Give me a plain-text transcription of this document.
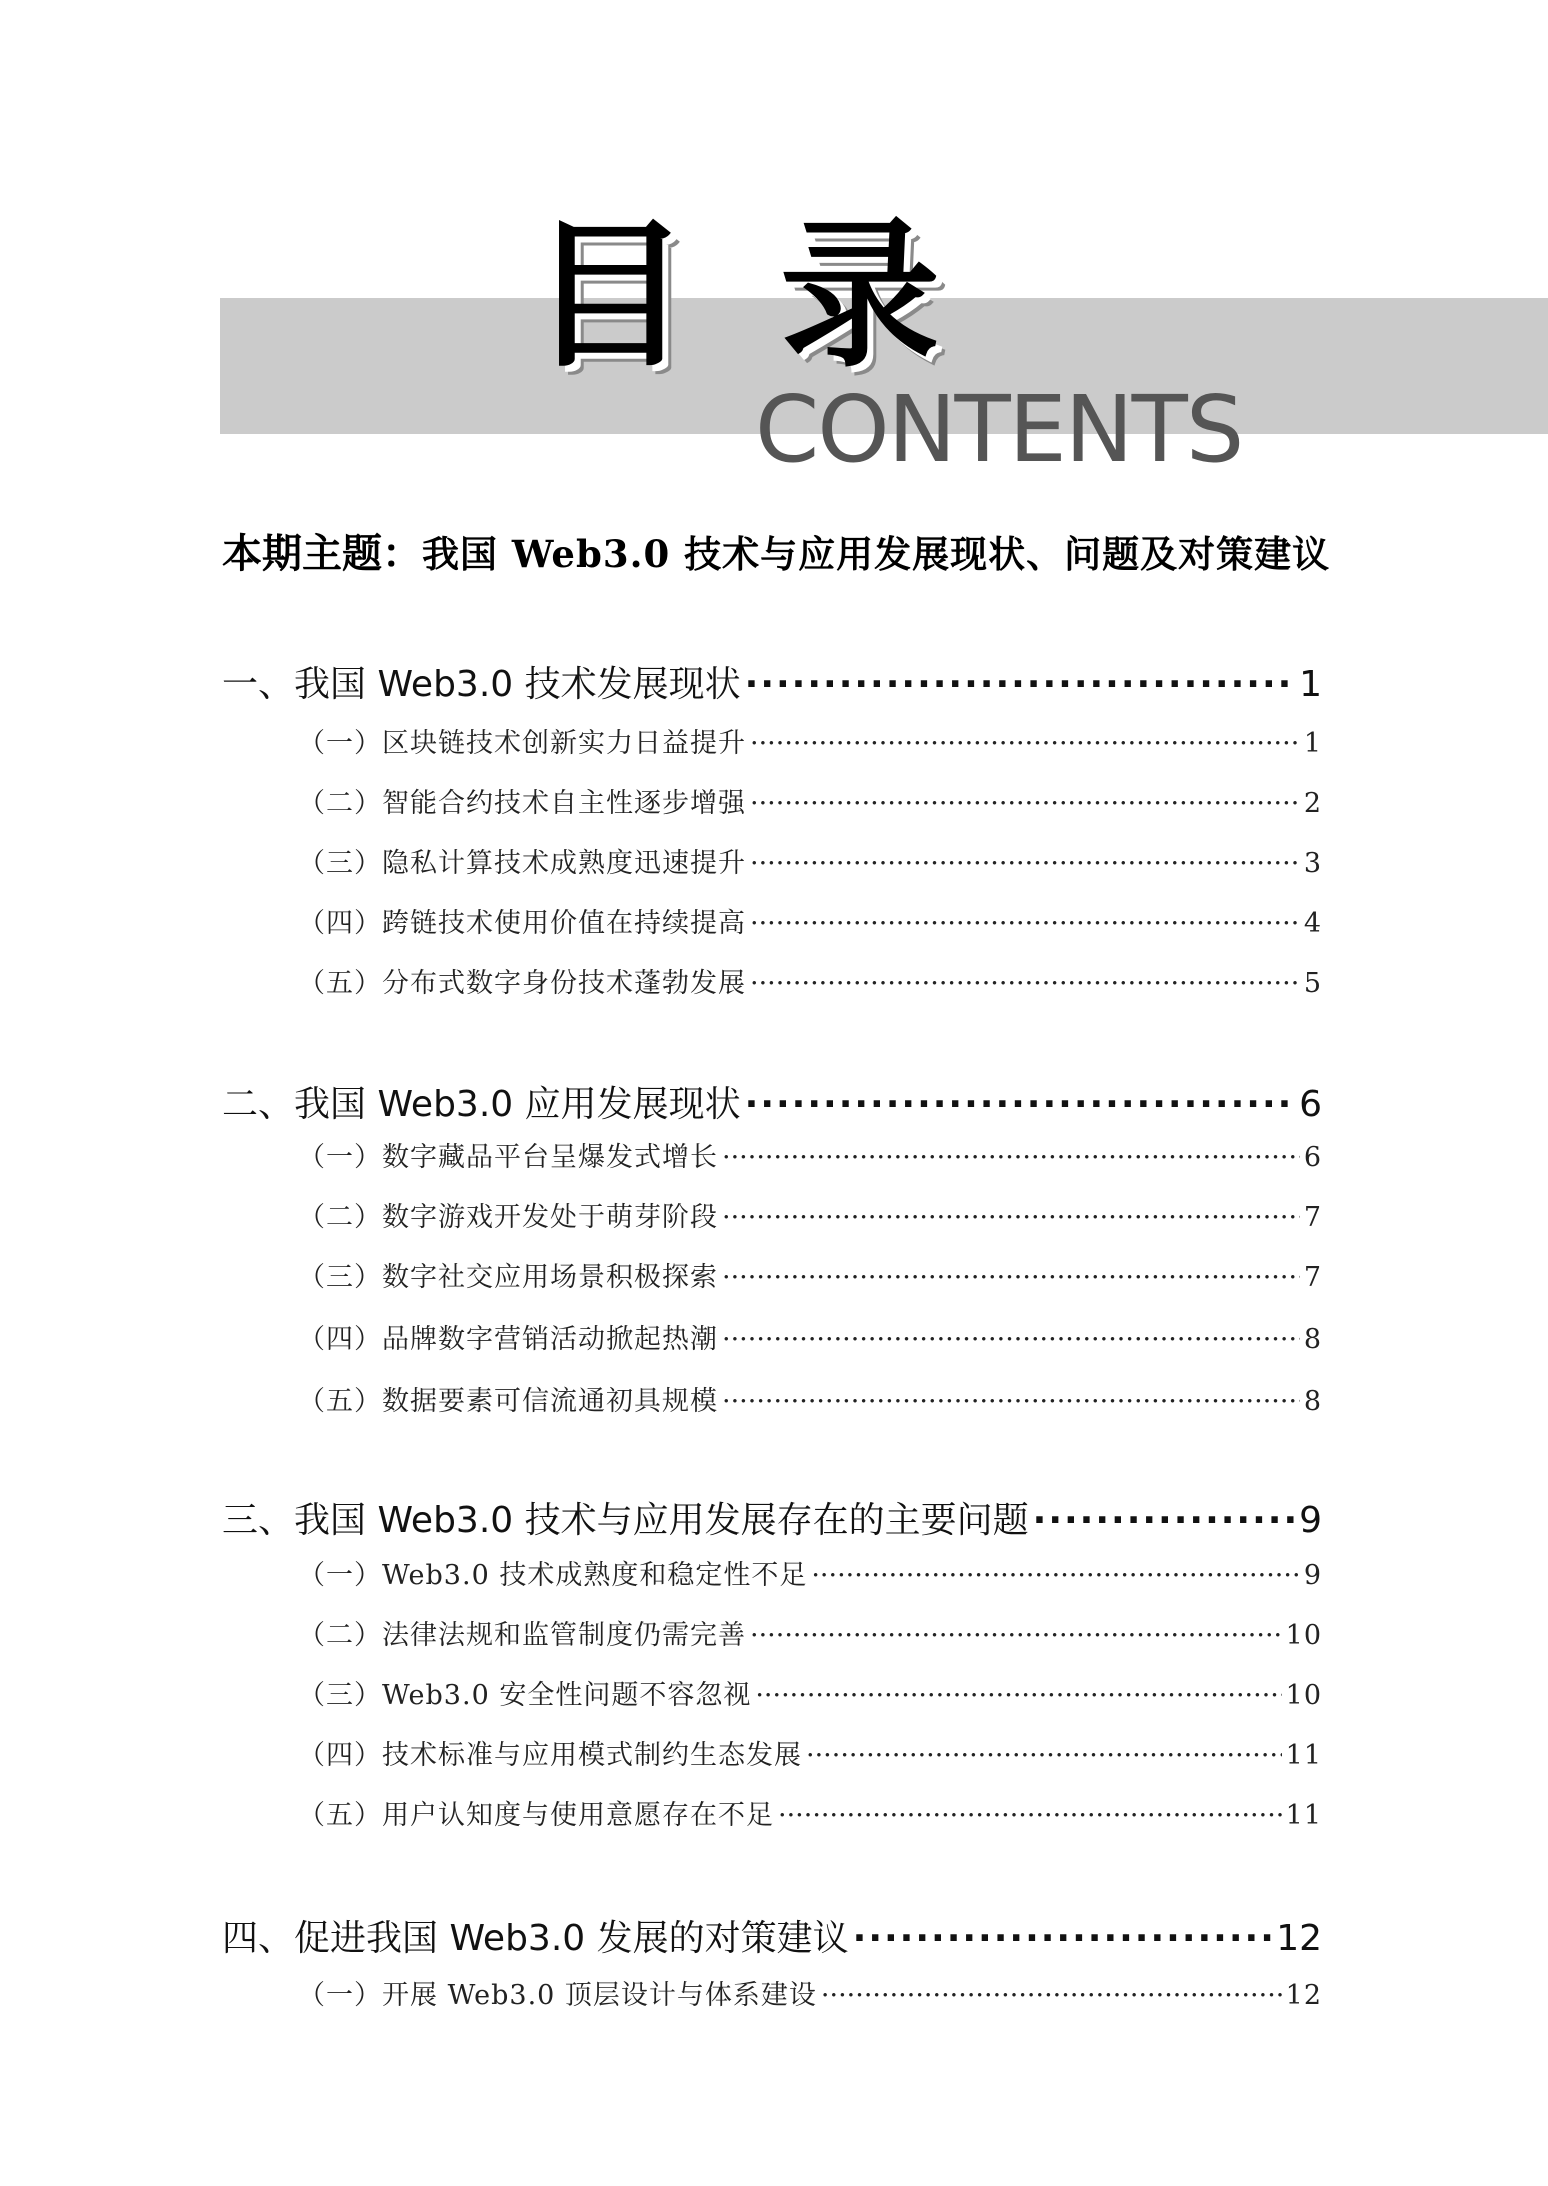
目录
CONTENTS
本期主题：我国 Web3.0 技术与应用发展现状、问题及对策建议
一、我国 Web3.0 技术发展现状 ·····	1
（一）区块链技术创新实力日益提升 ·····	1
（二）智能合约技术自主性逐步增强 ·····	2
（三）隐私计算技术成熟度迅速提升 ·····	3
（四）跨链技术使用价值在持续提高 ·····	4
（五）分布式数字身份技术蓬勃发展 ·····	5
二、我国 Web3.0 应用发展现状 ·····	6
（一）数字藏品平台呈爆发式增长 ·····	6
（二）数字游戏开发处于萌芽阶段 ·····	7
（三）数字社交应用场景积极探索 ·····	7
（四）品牌数字营销活动掀起热潮 ·····	8
（五）数据要素可信流通初具规模 ·····	8
三、我国 Web3.0 技术与应用发展存在的主要问题 ·····	9
（一）Web3.0 技术成熟度和稳定性不足 ·····	9
（二）法律法规和监管制度仍需完善 ·····	10
（三）Web3.0 安全性问题不容忽视 ·····	10
（四）技术标准与应用模式制约生态发展 ·····	11
（五）用户认知度与使用意愿存在不足 ·····	11
四、促进我国 Web3.0 发展的对策建议 ·····	12
（一）开展 Web3.0 顶层设计与体系建设 ·····	12
